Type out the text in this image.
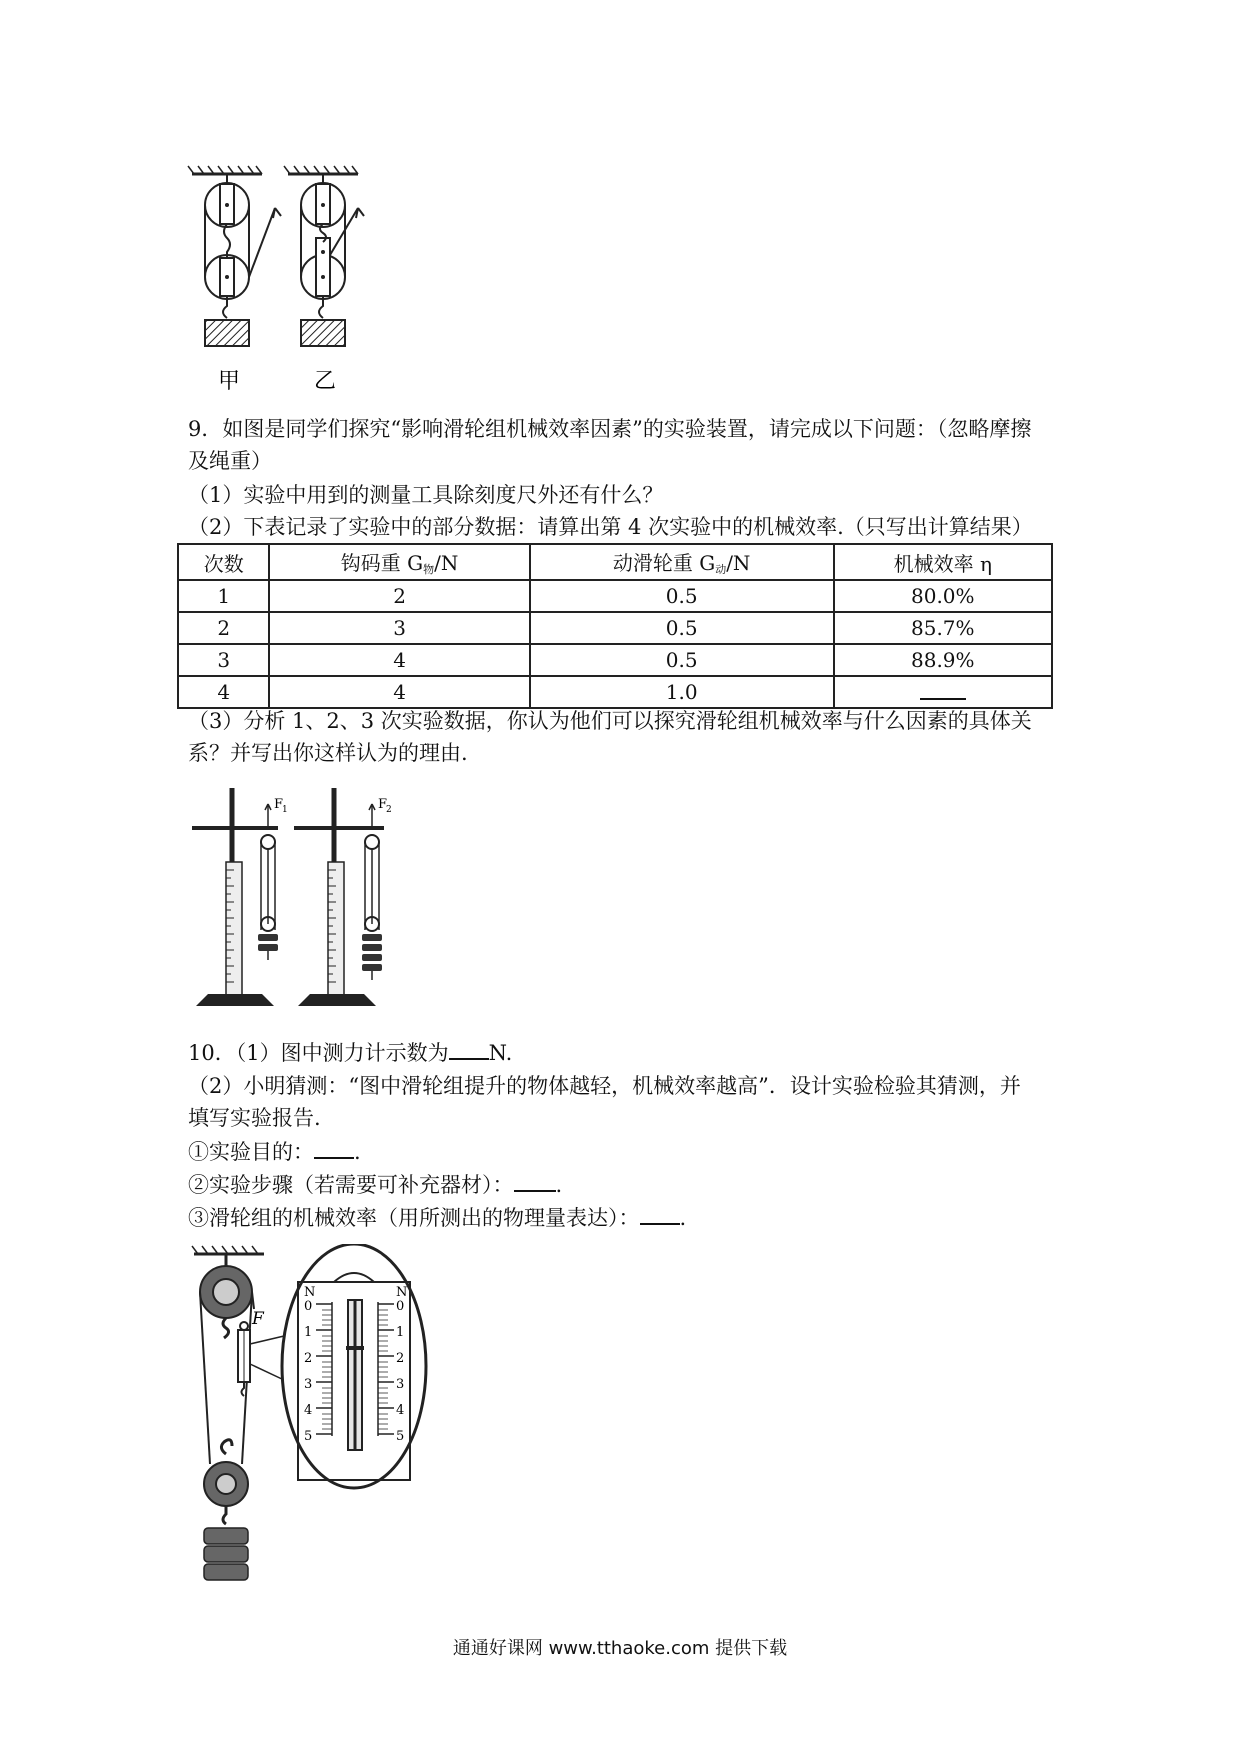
甲	乙
9．如图是同学们探究“影响滑轮组机械效率因素”的实验装置，请完成以下问题：（忽略摩擦
及绳重）
（1）实验中用到的测量工具除刻度尺外还有什么？
（2）下表记录了实验中的部分数据：请算出第 4 次实验中的机械效率.（只写出计算结果）
次数	钩码重 $G_物/N$	动滑轮重 $G_动/N$	机械效率 η
1	2	0.5	80.0%
2	3	0.5	85.7%
3	4	0.5	88.9%
4	4	1.0	
（3）分析 1、2、3 次实验数据，你认为他们可以探究滑轮组机械效率与什么因素的具体关
系？并写出你这样认为的理由.
F
1	F
2
10．（1）图中测力计示数为 N.
（2）小明猜测：“图中滑轮组提升的物体越轻，机械效率越高”．设计实验检验其猜测，并
填写实验报告.
①实验目的： .
②实验步骤（若需要可补充器材）： .
③滑轮组的机械效率（用所测出的物理量表达）： .
F
N	N
0
1
2
3
4
5
0
1
2
3
4
5
通通好课网 www.tthaoke.com 提供下载
